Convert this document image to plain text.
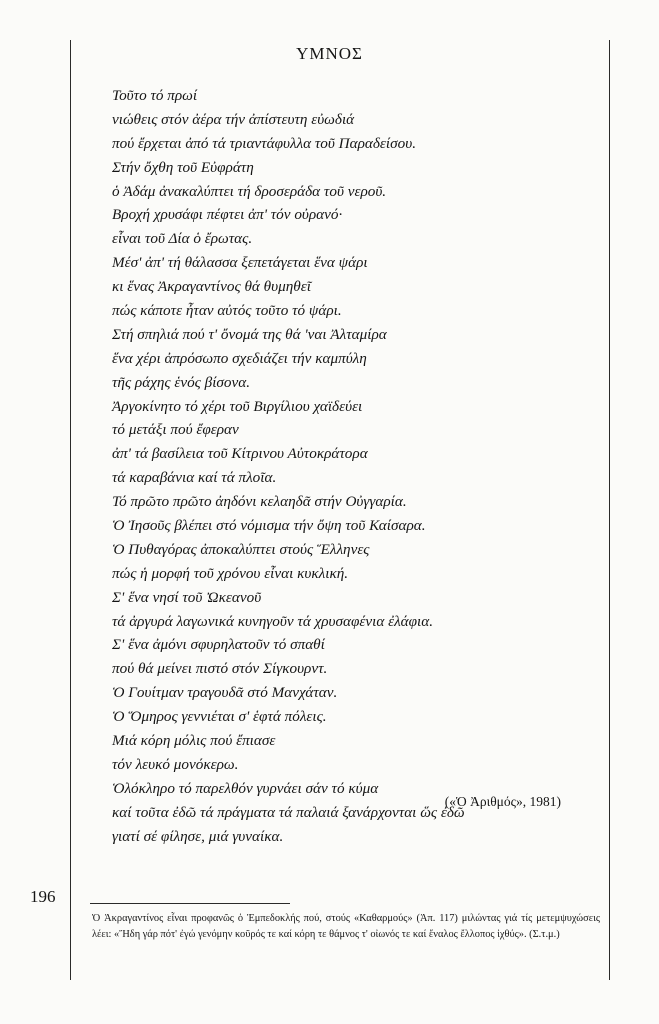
ΥΜΝΟΣ
Τοῦτο τό πρωί
νιώθεις στόν ἀέρα τήν ἀπίστευτη εὐωδιά
πού ἔρχεται ἀπό τά τριαντάφυλλα τοῦ Παραδείσου.
Στήν ὄχθη τοῦ Εὐφράτη
ὁ Ἀδάμ ἀνακαλύπτει τή δροσεράδα τοῦ νεροῦ.
Βροχή χρυσάφι πέφτει ἀπ' τόν οὐρανό·
εἶναι τοῦ Δία ὁ ἔρωτας.
Μέσ' ἀπ' τή θάλασσα ξεπετάγεται ἕνα ψάρι
κι ἕνας Ἀκραγαντίνος θά θυμηθεῖ
πώς κάποτε ἦταν αὐτός τοῦτο τό ψάρι.
Στή σπηλιά πού τ' ὄνομά της θά 'ναι Ἀλταμίρα
ἕνα χέρι ἀπρόσωπο σχεδιάζει τήν καμπύλη
τῆς ράχης ἑνός βίσονα.
Ἀργοκίνητο τό χέρι τοῦ Βιργίλιου χαϊδεύει
τό μετάξι πού ἔφεραν
ἀπ' τά βασίλεια τοῦ Κίτρινου Αὐτοκράτορα
τά καραβάνια καί τά πλοῖα.
Τό πρῶτο πρῶτο ἀηδόνι κελαηδᾶ στήν Οὐγγαρία.
Ὁ Ἰησοῦς βλέπει στό νόμισμα τήν ὄψη τοῦ Καίσαρα.
Ὁ Πυθαγόρας ἀποκαλύπτει στούς Ἕλληνες
πώς ἡ μορφή τοῦ χρόνου εἶναι κυκλική.
Σ' ἕνα νησί τοῦ Ὠκεανοῦ
τά ἀργυρά λαγωνικά κυνηγοῦν τά χρυσαφένια ἐλάφια.
Σ' ἕνα ἀμόνι σφυρηλατοῦν τό σπαθί
πού θά μείνει πιστό στόν Σίγκουρντ.
Ὁ Γουίτμαν τραγουδᾶ στό Μανχάταν.
Ὁ Ὅμηρος γεννιέται σ' ἑφτά πόλεις.
Μιά κόρη μόλις πού ἔπιασε
τόν λευκό μονόκερω.
Ὁλόκληρο τό παρελθόν γυρνάει σάν τό κύμα
καί τοῦτα ἐδῶ τά πράγματα τά παλαιά ξανάρχονται ὥς ἐδῶ
γιατί σέ φίλησε, μιά γυναίκα.
(«Ὁ Ἀριθμός», 1981)
196
Ὁ Ἀκραγαντίνος εἶναι προφανῶς ὁ Ἐμπεδοκλής πού, στούς «Καθαρμούς» (Ἀπ. 117) μιλώντας γιά τίς μετεμψυχώσεις λέει: «Ἤδη γάρ πότ' ἐγώ γενόμην κοῦρός τε καί κόρη τε θάμνος τ' οἰωνός τε καί ἔναλος ἔλλοπος ἰχθύς». (Σ.τ.μ.)
